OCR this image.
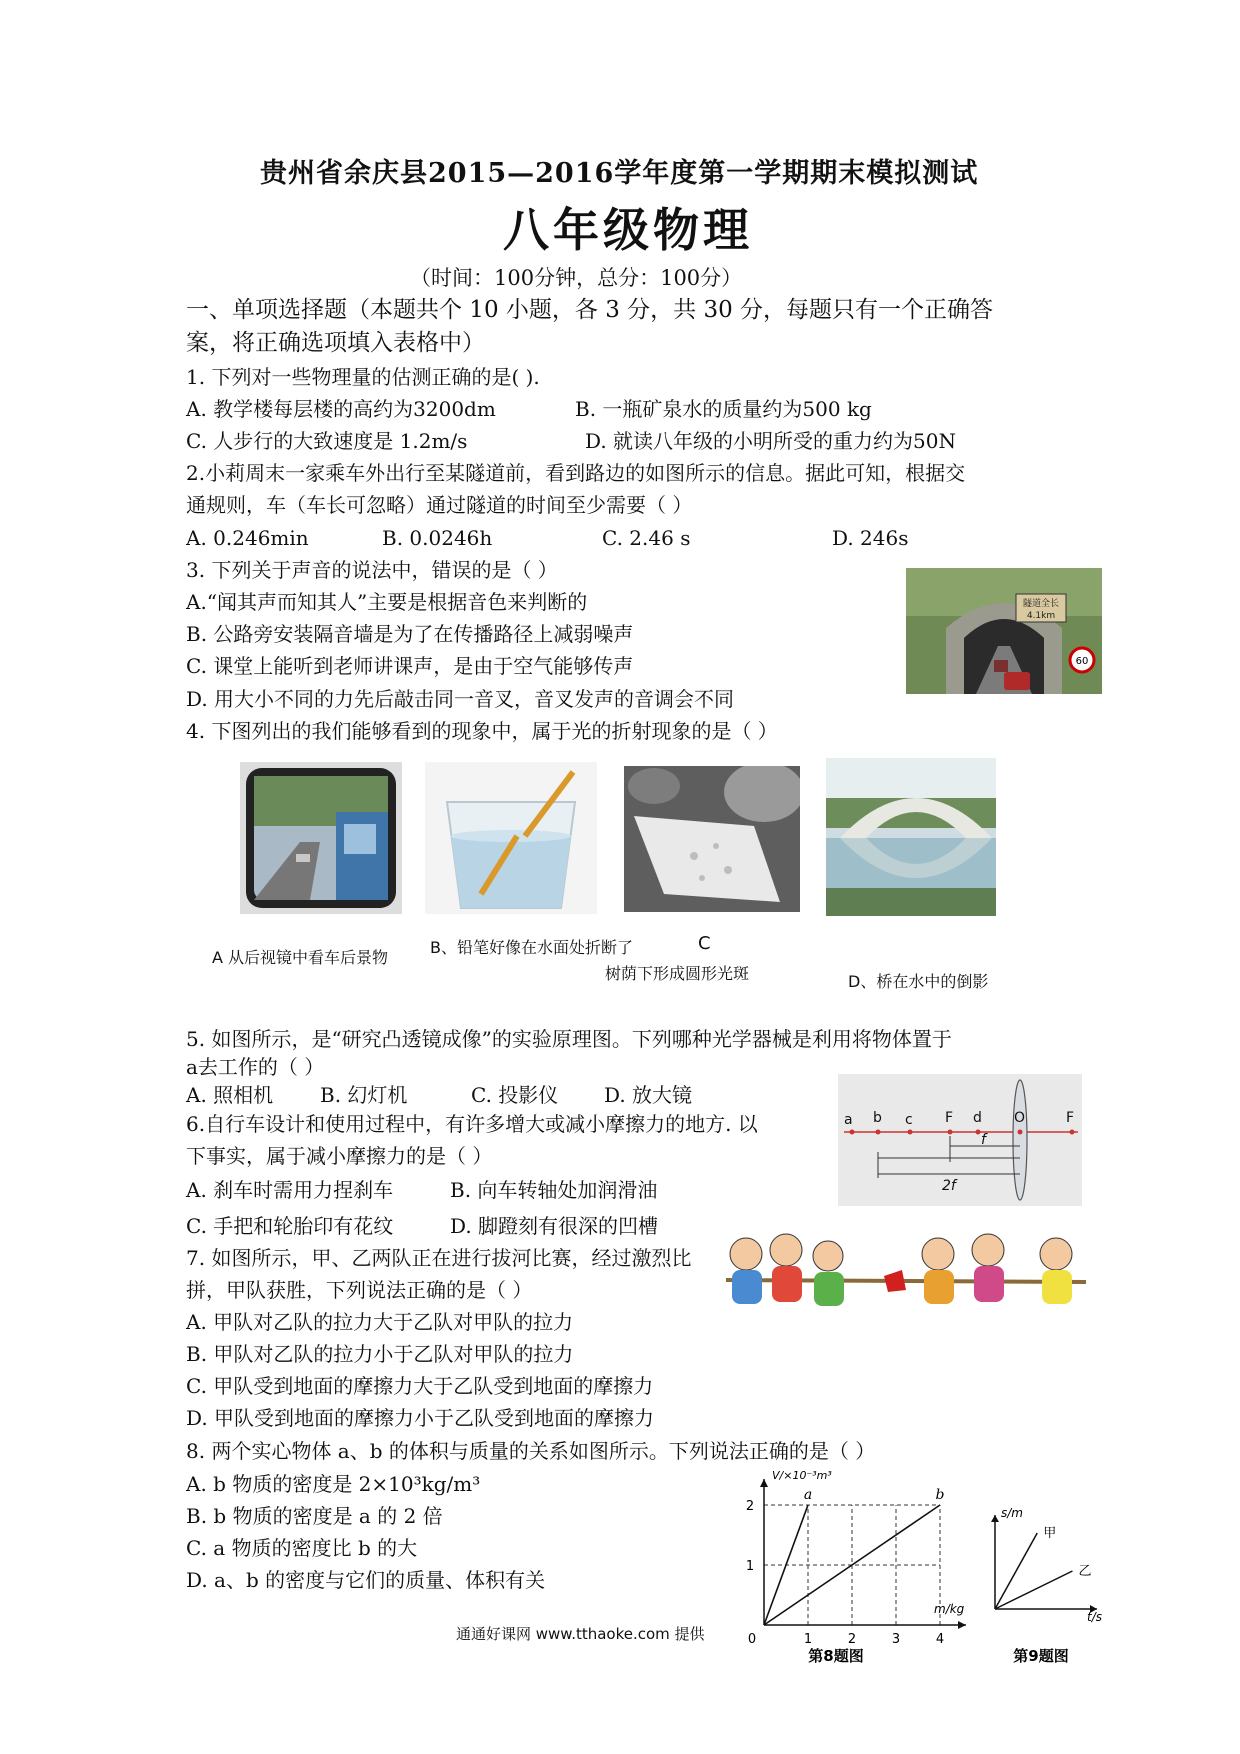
贵州省余庆县2015—2016学年度第一学期期末模拟测试
八年级物理
（时间：100分钟，总分：100分）
一、单项选择题（本题共个 10 小题，各 3 分，共 30 分，每题只有一个正确答
案，将正确选项填入表格中）
1. 下列对一些物理量的估测正确的是( ).
A. 教学楼每层楼的高约为3200dm	B. 一瓶矿泉水的质量约为500 kg
C. 人步行的大致速度是 1.2m/s	D. 就读八年级的小明所受的重力约为50N
2.小莉周末一家乘车外出行至某隧道前，看到路边的如图所示的信息。据此可知，根据交
通规则，车（车长可忽略）通过隧道的时间至少需要（ ）
A. 0.246min	B. 0.0246h	C. 2.46 s	D. 246s
隧道全长
4.1km
60
3. 下列关于声音的说法中，错误的是（ ）
A.“闻其声而知其人”主要是根据音色来判断的
B. 公路旁安装隔音墙是为了在传播路径上减弱噪声
C. 课堂上能听到老师讲课声，是由于空气能够传声
D. 用大小不同的力先后敲击同一音叉，音叉发声的音调会不同
4. 下图列出的我们能够看到的现象中，属于光的折射现象的是（ ）
A 从后视镜中看车后景物
B、铅笔好像在水面处折断了	C
树荫下形成圆形光斑	D、桥在水中的倒影
5. 如图所示，是“研究凸透镜成像”的实验原理图。下列哪种光学器械是利用将物体置于
a去工作的（ ）
A. 照相机 B. 幻灯机	C. 投影仪 D. 放大镜
a b c F d O	F
f
2f
6.自行车设计和使用过程中，有许多增大或减小摩擦力的地方. 以
下事实，属于减小摩擦力的是（ ）
A. 刹车时需用力捏刹车	B. 向车转轴处加润滑油
C. 手把和轮胎印有花纹	D. 脚蹬刻有很深的凹槽
7. 如图所示，甲、乙两队正在进行拔河比赛，经过激烈比
拼，甲队获胜，下列说法正确的是（ ）
A. 甲队对乙队的拉力大于乙队对甲队的拉力
B. 甲队对乙队的拉力小于乙队对甲队的拉力
C. 甲队受到地面的摩擦力大于乙队受到地面的摩擦力
D. 甲队受到地面的摩擦力小于乙队受到地面的摩擦力
8. 两个实心物体 a、b 的体积与质量的关系如图所示。下列说法正确的是（ ）
A. b 物质的密度是 2×10³kg/m³
B. b 物质的密度是 a 的 2 倍
C. a 物质的密度比 b 的大
D. a、b 的密度与它们的质量、体积有关
1	2	3	4
1
2
0
V/×10⁻³m³
m/kg
a	b
第8题图
s/m
t/s
甲
乙
第9题图
通通好课网 www.tthaoke.com 提供
